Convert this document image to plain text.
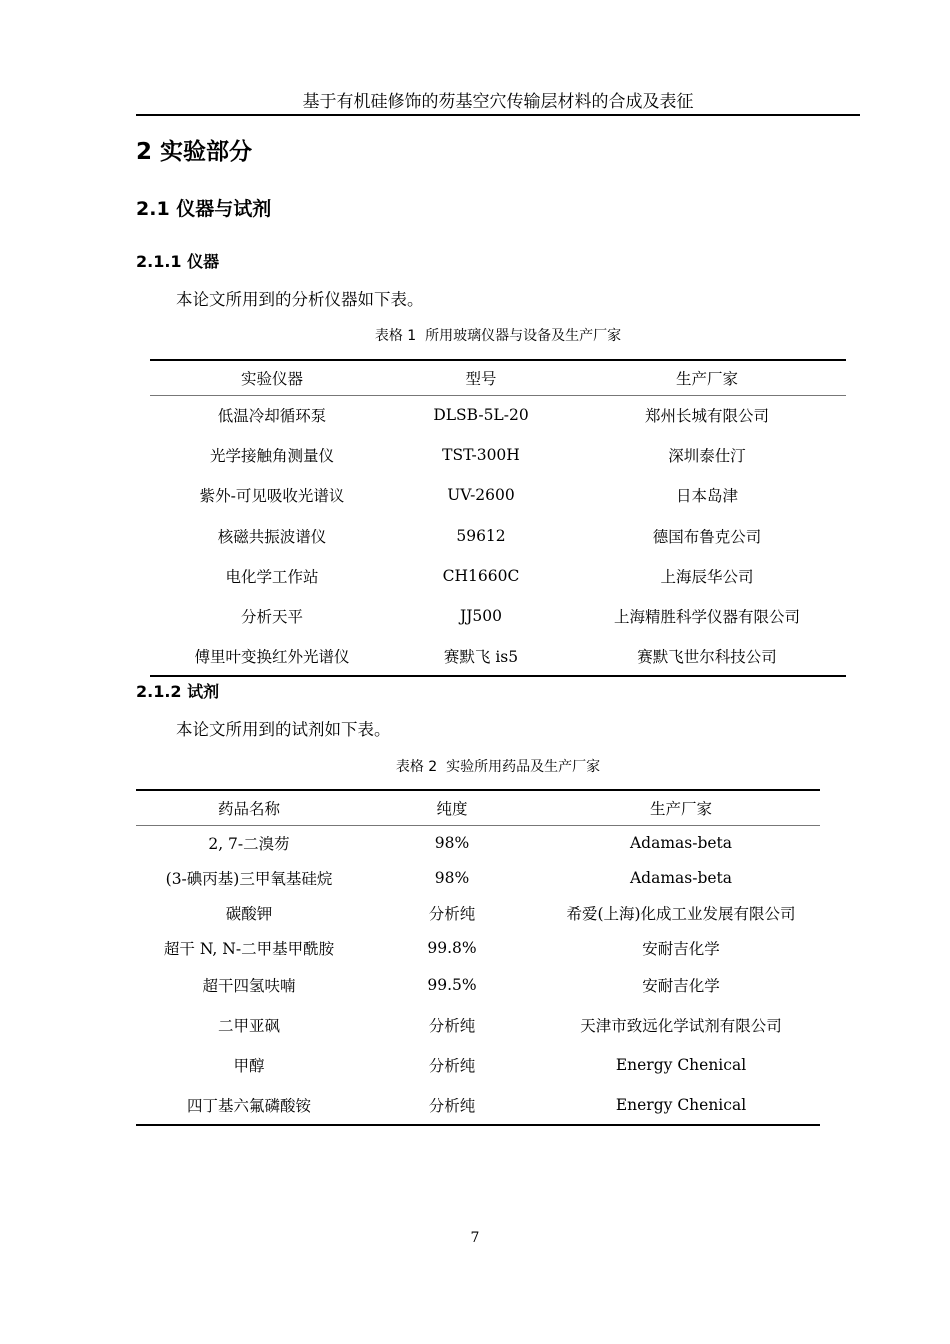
基于有机硅修饰的芴基空穴传输层材料的合成及表征
2 实验部分
2.1 仪器与试剂
2.1.1 仪器
本论文所用到的分析仪器如下表。
表格 1 所用玻璃仪器与设备及生产厂家
实验仪器	型号	生产厂家
低温冷却循环泵	DLSB-5L-20	郑州长城有限公司
光学接触角测量仪	TST-300H	深圳泰仕汀
紫外-可见吸收光谱议	UV-2600	日本岛津
核磁共振波谱仪	59612	德国布鲁克公司
电化学工作站	CH1660C	上海辰华公司
分析天平	JJ500	上海精胜科学仪器有限公司
傅里叶变换红外光谱仪	赛默飞 is5	赛默飞世尔科技公司
2.1.2 试剂
本论文所用到的试剂如下表。
表格 2 实验所用药品及生产厂家
药品名称	纯度	生产厂家
2, 7-二溴芴	98%	Adamas-beta
(3-碘丙基)三甲氧基硅烷	98%	Adamas-beta
碳酸钾	分析纯	希爱(上海)化成工业发展有限公司
超干 N, N-二甲基甲酰胺	99.8%	安耐吉化学
超干四氢呋喃	99.5%	安耐吉化学
二甲亚砜	分析纯	天津市致远化学试剂有限公司
甲醇	分析纯	Energy Chenical
四丁基六氟磷酸铵	分析纯	Energy Chenical
7
